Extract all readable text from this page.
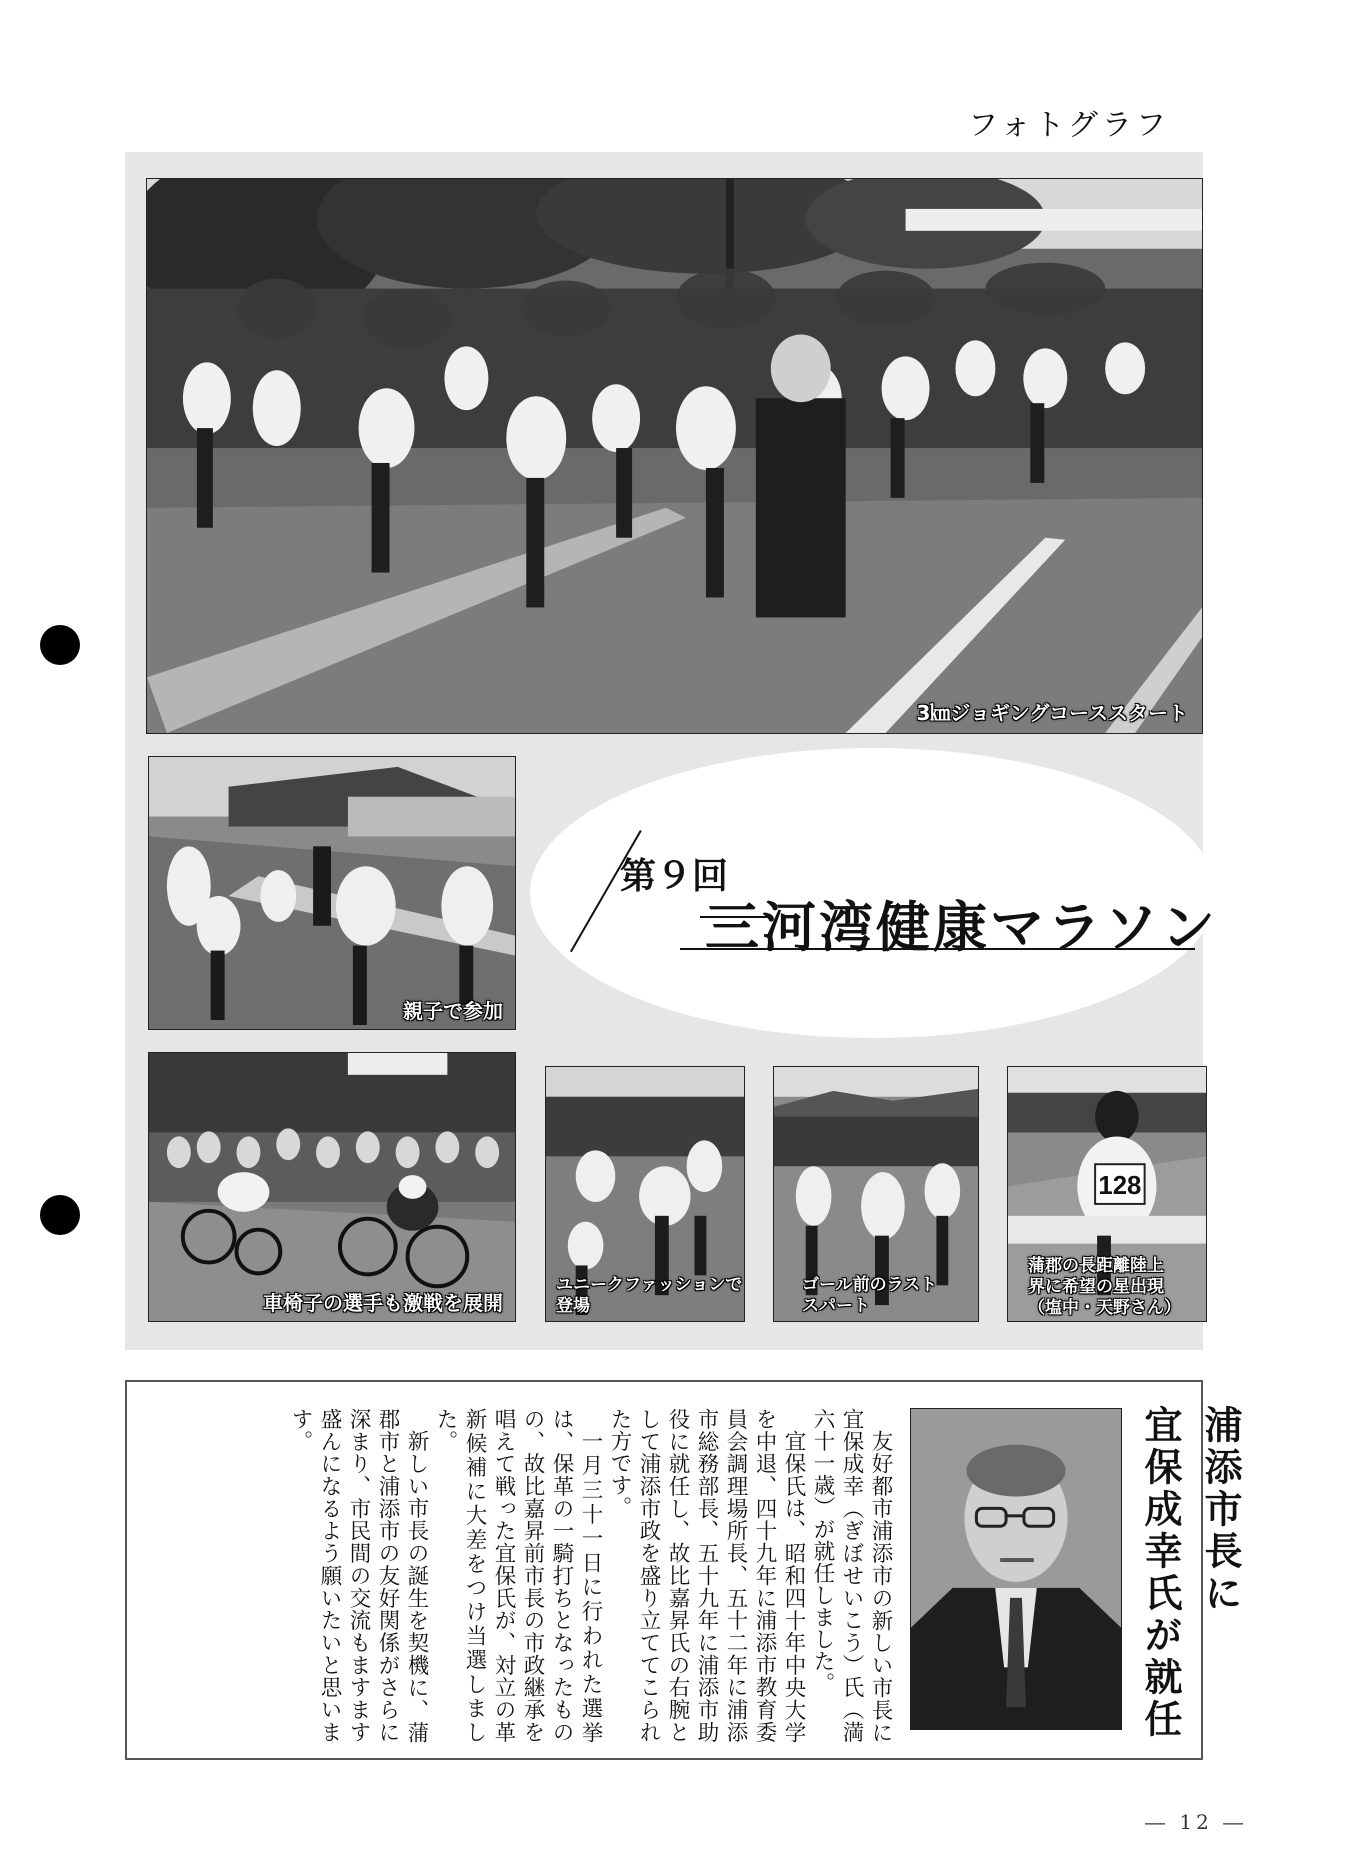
フォトグラフ
3㎞ジョギングコーススタート
親子で参加
第９回
三河湾健康マラソン
車椅子の選手も激戦を展開
ユニークファッションで
登場
ゴール前のラスト
スパート
128
蒲郡の長距離陸上
界に希望の星出現
（塩中・天野さん）
浦添市長に
宜保成幸氏が就任

友好都市浦添市の新しい市長に宜保成幸（ぎぼせいこう）氏（満六十一歳）が就任しました。

宜保氏は、昭和四十年中央大学を中退、四十九年に浦添市教育委員会調理場所長、五十二年に浦添市総務部長、五十九年に浦添市助役に就任し、故比嘉昇氏の右腕として浦添市政を盛り立ててこられた方です。

一月三十一日に行われた選挙は、保革の一騎打ちとなったものの、故比嘉昇前市長の市政継承を唱えて戦った宜保氏が、対立の革新候補に大差をつけ当選しました。

新しい市長の誕生を契機に、蒲郡市と浦添市の友好関係がさらに深まり、市民間の交流もますます盛んになるよう願いたいと思います。

― 12 ―
